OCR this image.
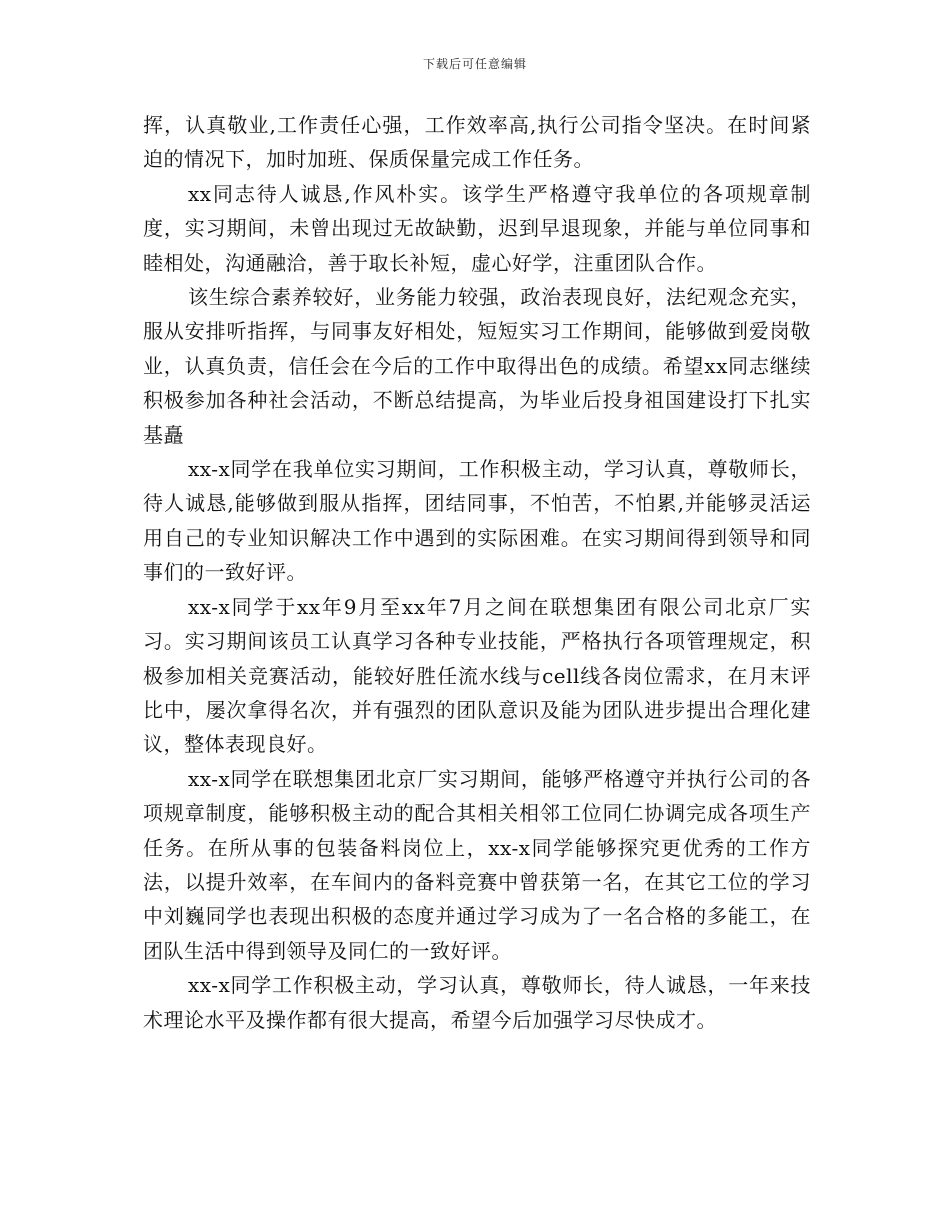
下载后可任意编辑

挥，认真敬业,工作责任心强，工作效率高,执行公司指令坚决。在时间紧迫的情况下，加时加班、保质保量完成工作任务。

xx同志待人诚恳,作风朴实。该学生严格遵守我单位的各项规章制度，实习期间，未曾出现过无故缺勤，迟到早退现象，并能与单位同事和睦相处，沟通融洽，善于取长补短，虚心好学，注重团队合作。

该生综合素养较好，业务能力较强，政治表现良好，法纪观念充实，服从安排听指挥，与同事友好相处，短短实习工作期间，能够做到爱岗敬业，认真负责，信任会在今后的工作中取得出色的成绩。希望xx同志继续积极参加各种社会活动，不断总结提高，为毕业后投身祖国建设打下扎实基矗

xx-x同学在我单位实习期间，工作积极主动，学习认真，尊敬师长，待人诚恳,能够做到服从指挥，团结同事，不怕苦，不怕累,并能够灵活运用自己的专业知识解决工作中遇到的实际困难。在实习期间得到领导和同事们的一致好评。

xx-x同学于xx年9月至xx年7月之间在联想集团有限公司北京厂实习。实习期间该员工认真学习各种专业技能，严格执行各项管理规定，积极参加相关竞赛活动，能较好胜任流水线与cell线各岗位需求，在月末评比中，屡次拿得名次，并有强烈的团队意识及能为团队进步提出合理化建议，整体表现良好。

xx-x同学在联想集团北京厂实习期间，能够严格遵守并执行公司的各项规章制度，能够积极主动的配合其相关相邻工位同仁协调完成各项生产任务。在所从事的包装备料岗位上，xx-x同学能够探究更优秀的工作方法，以提升效率，在车间内的备料竞赛中曾获第一名，在其它工位的学习中刘巍同学也表现出积极的态度并通过学习成为了一名合格的多能工，在团队生活中得到领导及同仁的一致好评。

xx-x同学工作积极主动，学习认真，尊敬师长，待人诚恳，一年来技术理论水平及操作都有很大提高，希望今后加强学习尽快成才。
